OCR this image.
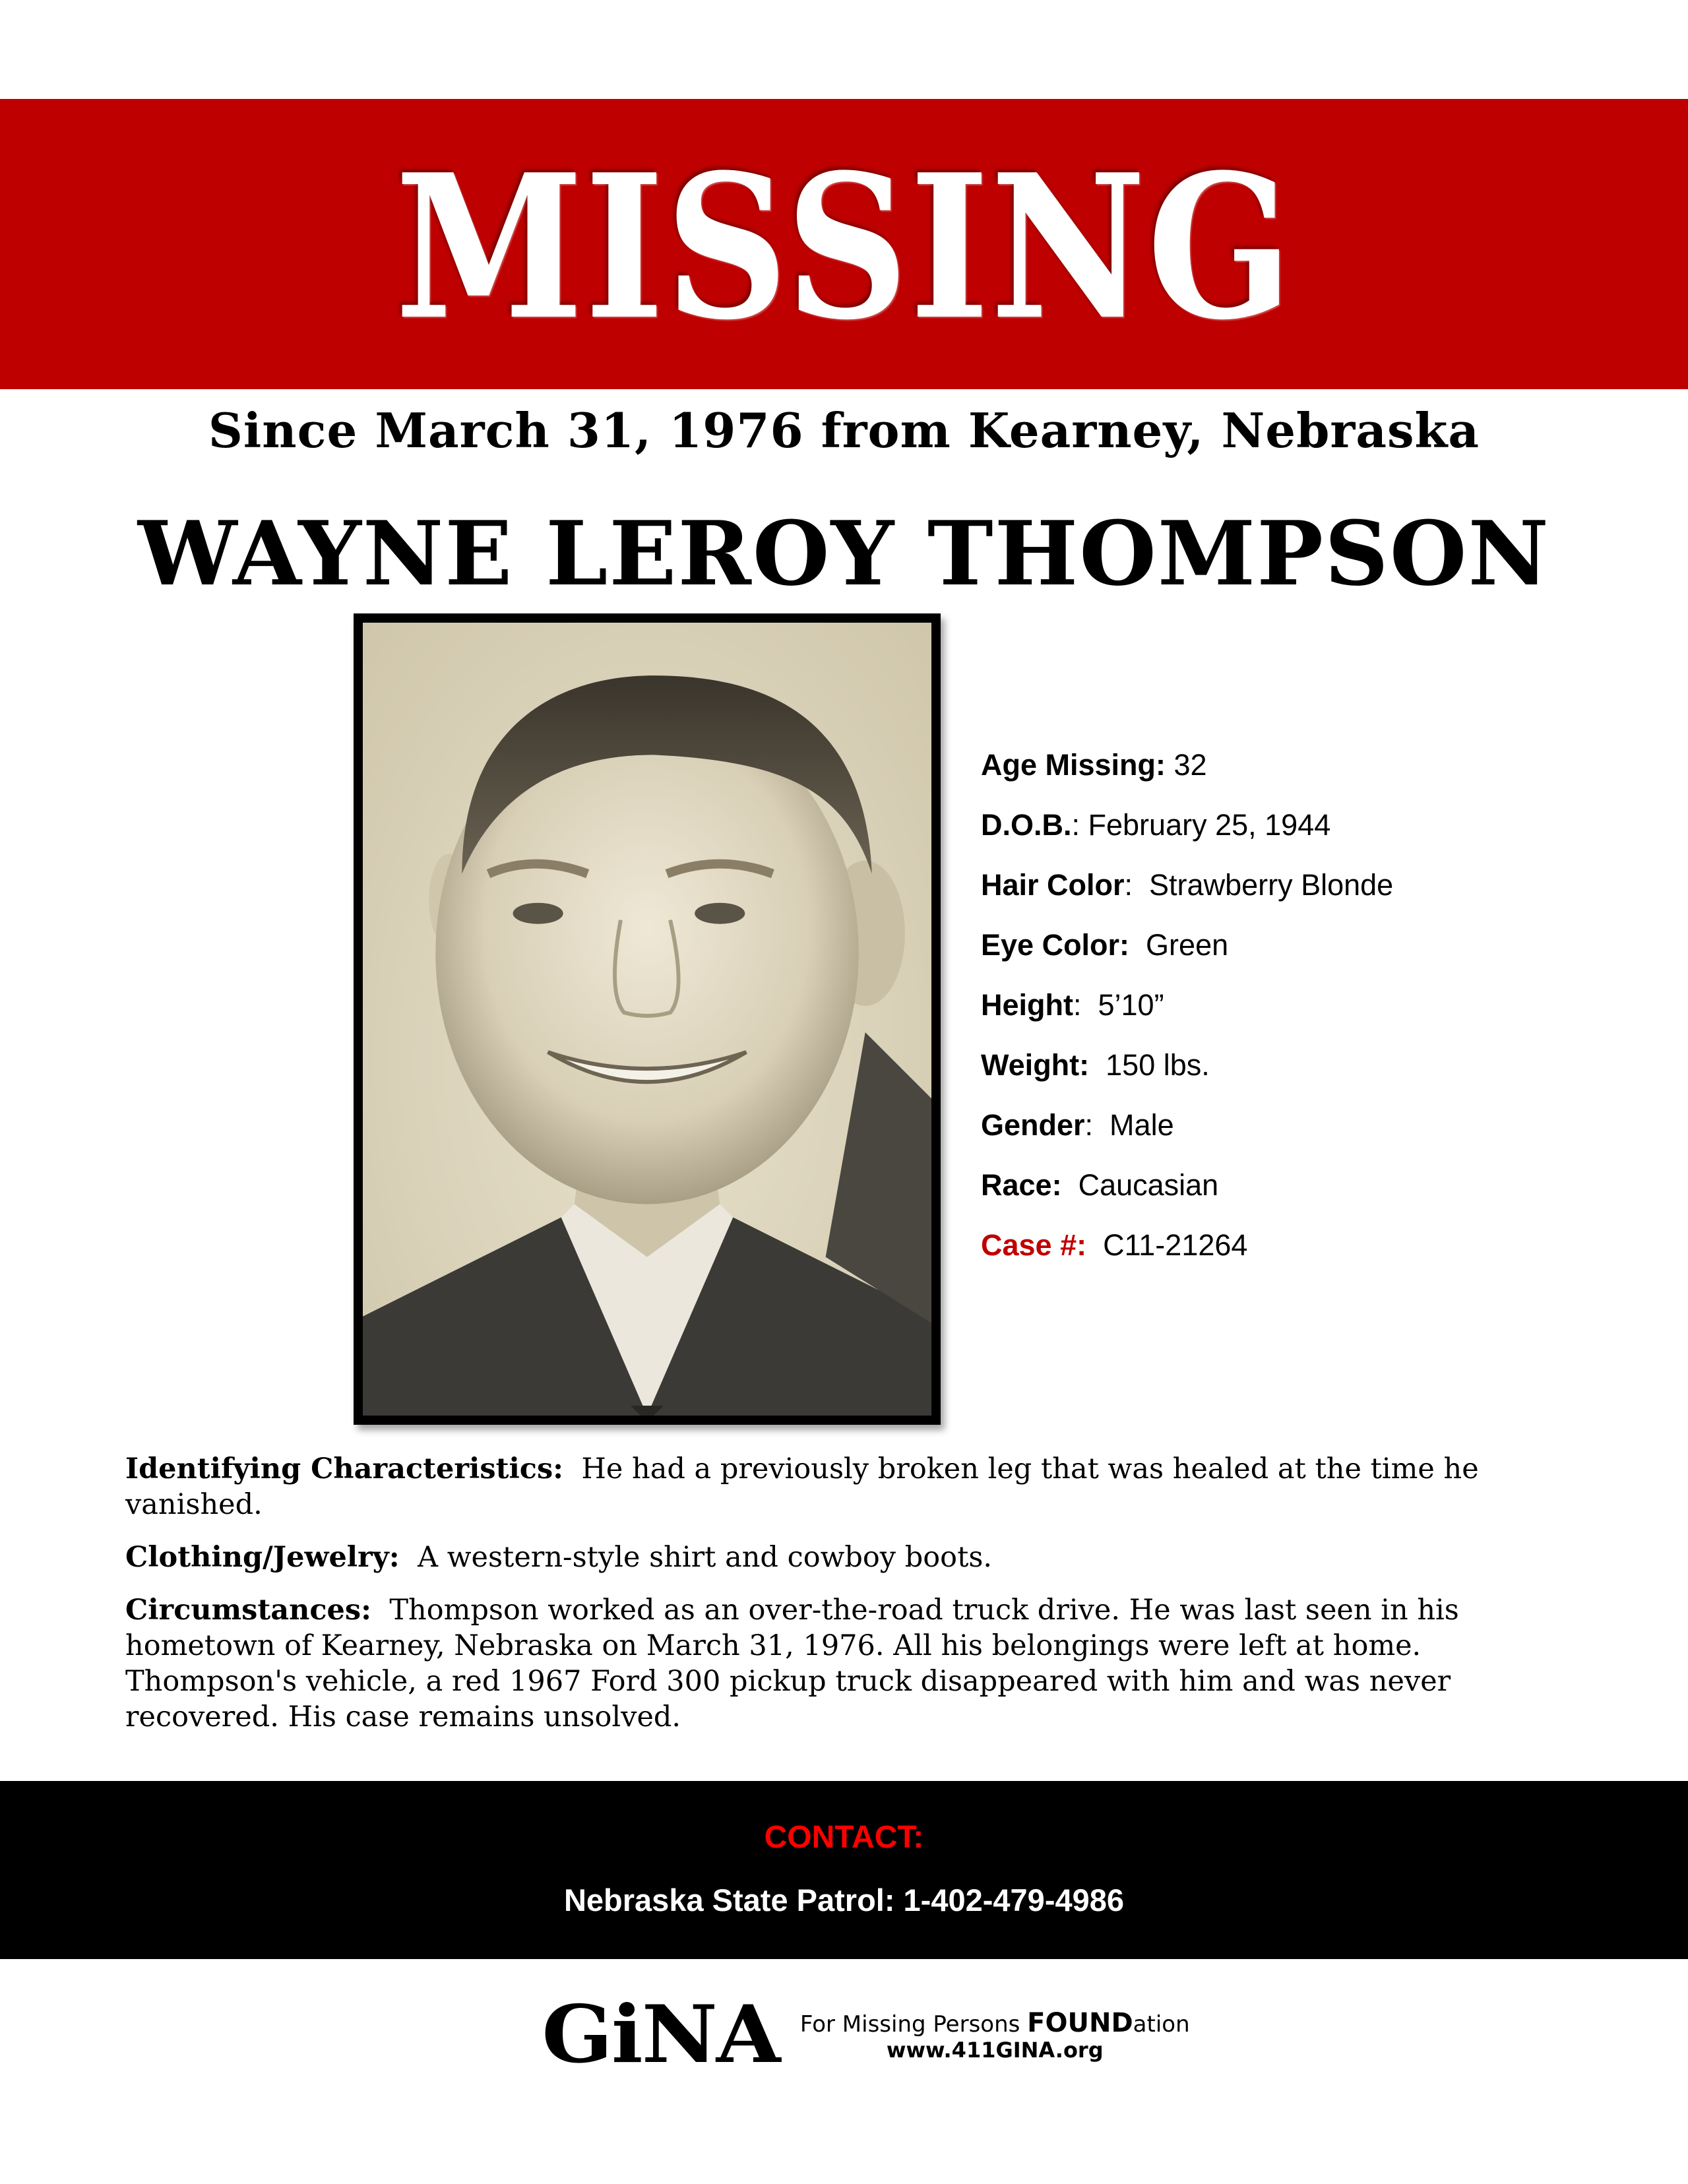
MISSING
Since March 31, 1976 from Kearney, Nebraska
WAYNE LEROY THOMPSON
Age Missing: 32
D.O.B.: February 25, 1944
Hair Color:  Strawberry Blonde
Eye Color:  Green
Height:  5’10”
Weight:  150 lbs.
Gender:  Male
Race:  Caucasian
Case #:  C11-21264

Identifying Characteristics: He had a previously broken leg that was healed at the time he vanished.

Clothing/Jewelry: A western-style shirt and cowboy boots.

Circumstances: Thompson worked as an over-the-road truck drive. He was last seen in his hometown of Kearney, Nebraska on March 31, 1976. All his belongings were left at home. Thompson's vehicle, a red 1967 Ford 300 pickup truck disappeared with him and was never recovered. His case remains unsolved.

CONTACT:
Nebraska State Patrol: 1-402-479-4986
GiNA For Missing Persons FOUNDation
www.411GINA.org
